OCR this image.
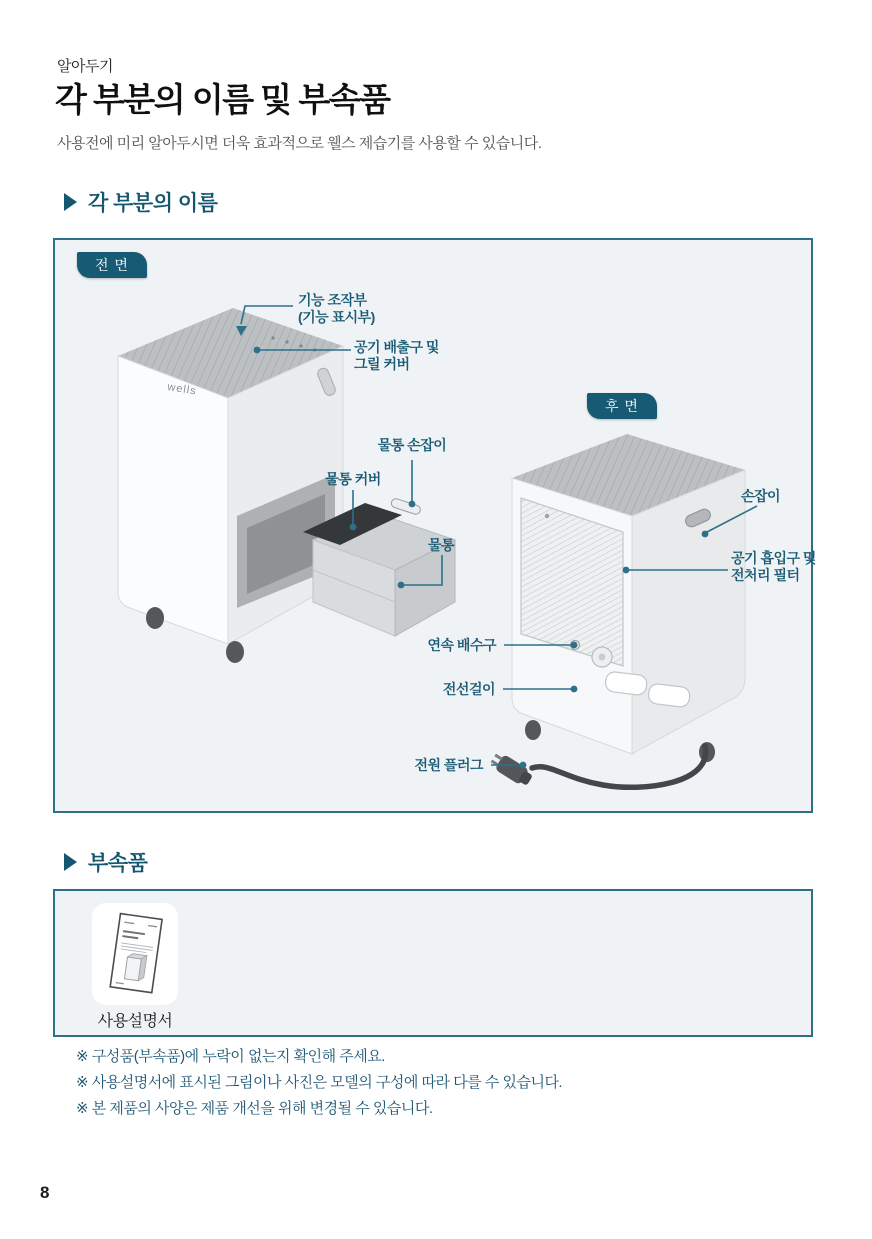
알아두기
각 부분의 이름 및 부속품
사용전에 미리 알아두시면 더욱 효과적으로 웰스 제습기를 사용할 수 있습니다.
각 부분의 이름
wells
전 면
후 면
기능 조작부
(기능 표시부)
공기 배출구 및
그릴 커버
물통 손잡이
물통 커버
물통
손잡이
공기 흡입구 및
전처리 필터
연속 배수구
전선걸이
전원 플러그
부속품
사용설명서
※ 구성품(부속품)에 누락이 없는지 확인해 주세요.
※ 사용설명서에 표시된 그림이나 사진은 모델의 구성에 따라 다를 수 있습니다.
※ 본 제품의 사양은 제품 개선을 위해 변경될 수 있습니다.
8
